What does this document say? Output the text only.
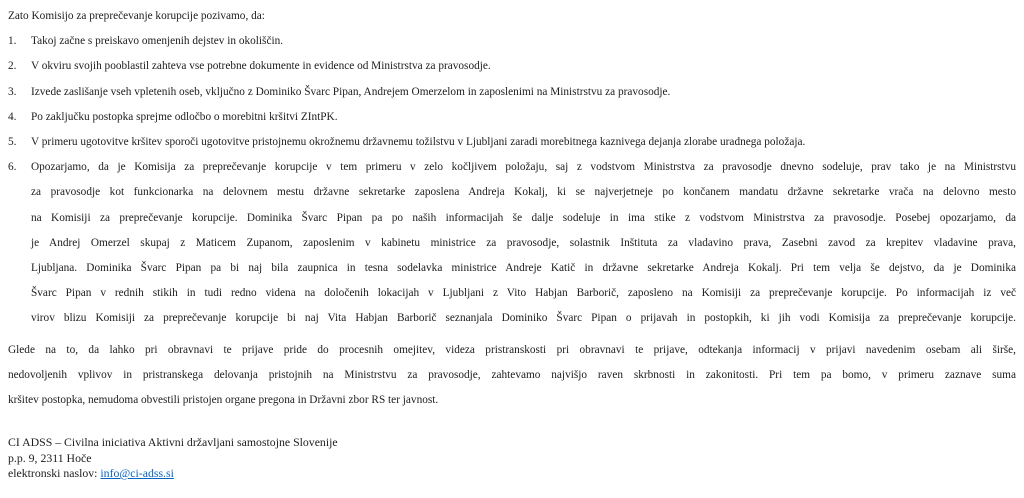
Zato Komisijo za preprečevanje korupcije pozivamo, da:
1.	Takoj začne s preiskavo omenjenih dejstev in okoliščin.
2.	V okviru svojih pooblastil zahteva vse potrebne dokumente in evidence od Ministrstva za pravosodje.
3.	Izvede zaslišanje vseh vpletenih oseb, vključno z Dominiko Švarc Pipan, Andrejem Omerzelom in zaposlenimi na Ministrstvu za pravosodje.
4.	Po zaključku postopka sprejme odločbo o morebitni kršitvi ZIntPK.
5.	V primeru ugotovitve kršitev sporoči ugotovitve pristojnemu okrožnemu državnemu tožilstvu v Ljubljani zaradi morebitnega kaznivega dejanja zlorabe uradnega položaja.
6.	Opozarjamo, da je Komisija za preprečevanje korupcije v tem primeru v zelo kočljivem položaju, saj z vodstvom Ministrstva za pravosodje dnevno sodeluje, prav tako je na Ministrstvu
za pravosodje kot funkcionarka na delovnem mestu državne sekretarke zaposlena Andreja Kokalj, ki se najverjetneje po končanem mandatu državne sekretarke vrača na delovno mesto
na Komisiji za preprečevanje korupcije. Dominika Švarc Pipan pa po naših informacijah še dalje sodeluje in ima stike z vodstvom Ministrstva za pravosodje. Posebej opozarjamo, da
je Andrej Omerzel skupaj z Maticem Zupanom, zaposlenim v kabinetu ministrice za pravosodje, solastnik Inštituta za vladavino prava, Zasebni zavod za krepitev vladavine prava,
Ljubljana. Dominika Švarc Pipan pa bi naj bila zaupnica in tesna sodelavka ministrice Andreje Katič in državne sekretarke Andreja Kokalj. Pri tem velja še dejstvo, da je Dominika
Švarc Pipan v rednih stikih in tudi redno videna na določenih lokacijah v Ljubljani z Vito Habjan Barborič, zaposleno na Komisiji za preprečevanje korupcije. Po informacijah iz več
virov blizu Komisiji za preprečevanje korupcije bi naj Vita Habjan Barborič seznanjala Dominiko Švarc Pipan o prijavah in postopkih, ki jih vodi Komisija za preprečevanje korupcije.
Glede na to, da lahko pri obravnavi te prijave pride do procesnih omejitev, videza pristranskosti pri obravnavi te prijave, odtekanja informacij v prijavi navedenim osebam ali širše,
nedovoljenih vplivov in pristranskega delovanja pristojnih na Ministrstvu za pravosodje, zahtevamo najvišjo raven skrbnosti in zakonitosti. Pri tem pa bomo, v primeru zaznave suma
kršitev postopka, nemudoma obvestili pristojen organe pregona in Državni zbor RS ter javnost.
CI ADSS – Civilna iniciativa Aktivni državljani samostojne Slovenije
p.p. 9, 2311 Hoče
elektronski naslov: info@ci-adss.si
